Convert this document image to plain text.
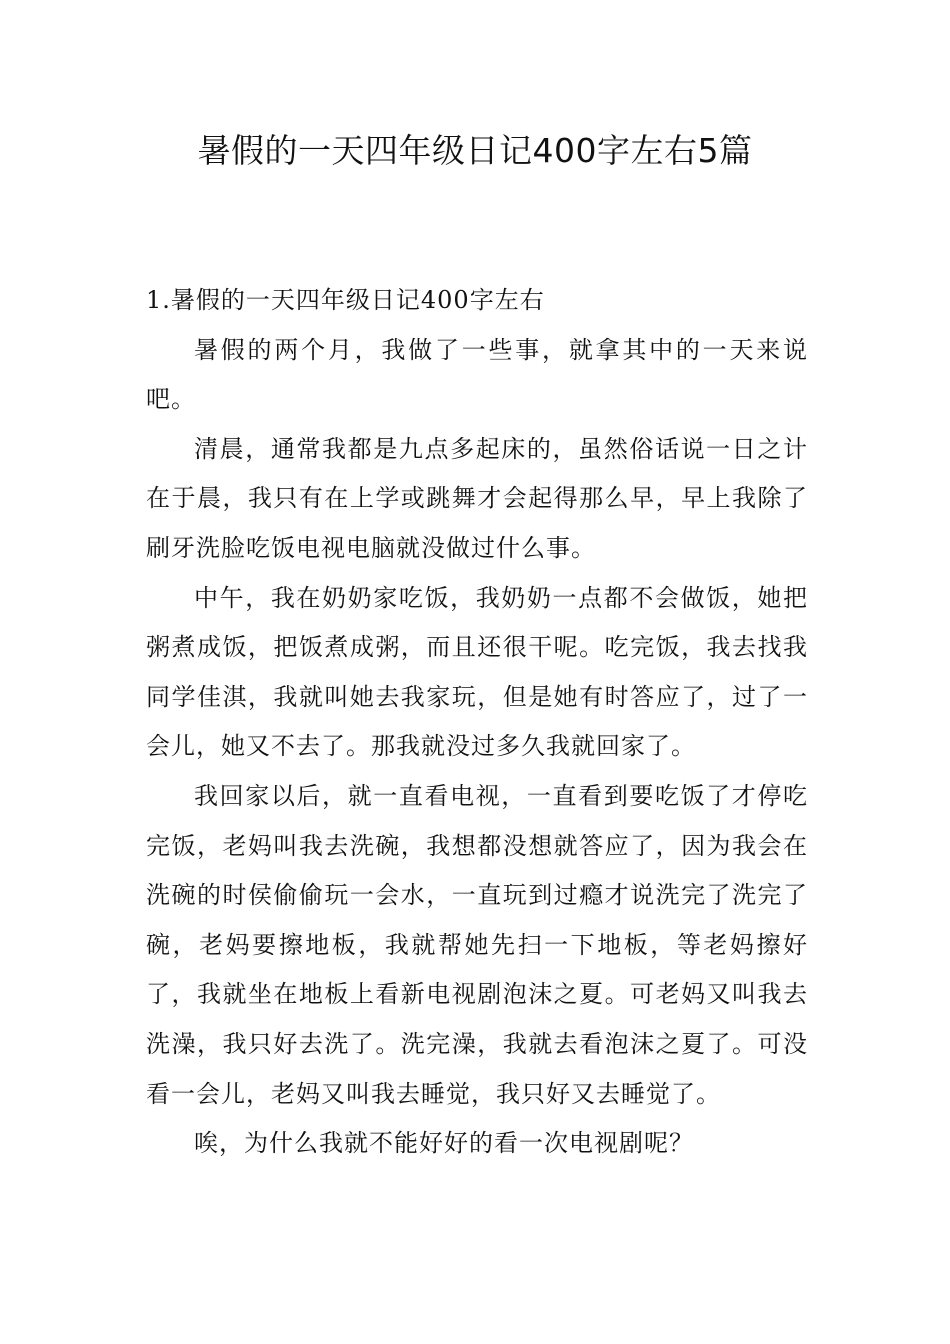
暑假的一天四年级日记400字左右5篇
1.暑假的一天四年级日记400字左右

暑假的两个月，我做了一些事，就拿其中的一天来说吧。

清晨，通常我都是九点多起床的，虽然俗话说一日之计在于晨，我只有在上学或跳舞才会起得那么早，早上我除了刷牙洗脸吃饭电视电脑就没做过什么事。

中午，我在奶奶家吃饭，我奶奶一点都不会做饭，她把粥煮成饭，把饭煮成粥，而且还很干呢。吃完饭，我去找我同学佳淇，我就叫她去我家玩，但是她有时答应了，过了一会儿，她又不去了。那我就没过多久我就回家了。

我回家以后，就一直看电视，一直看到要吃饭了才停吃完饭，老妈叫我去洗碗，我想都没想就答应了，因为我会在洗碗的时侯偷偷玩一会水，一直玩到过瘾才说洗完了洗完了碗，老妈要擦地板，我就帮她先扫一下地板，等老妈擦好了，我就坐在地板上看新电视剧泡沫之夏。可老妈又叫我去洗澡，我只好去洗了。洗完澡，我就去看泡沫之夏了。可没看一会儿，老妈又叫我去睡觉，我只好又去睡觉了。

唉，为什么我就不能好好的看一次电视剧呢？
